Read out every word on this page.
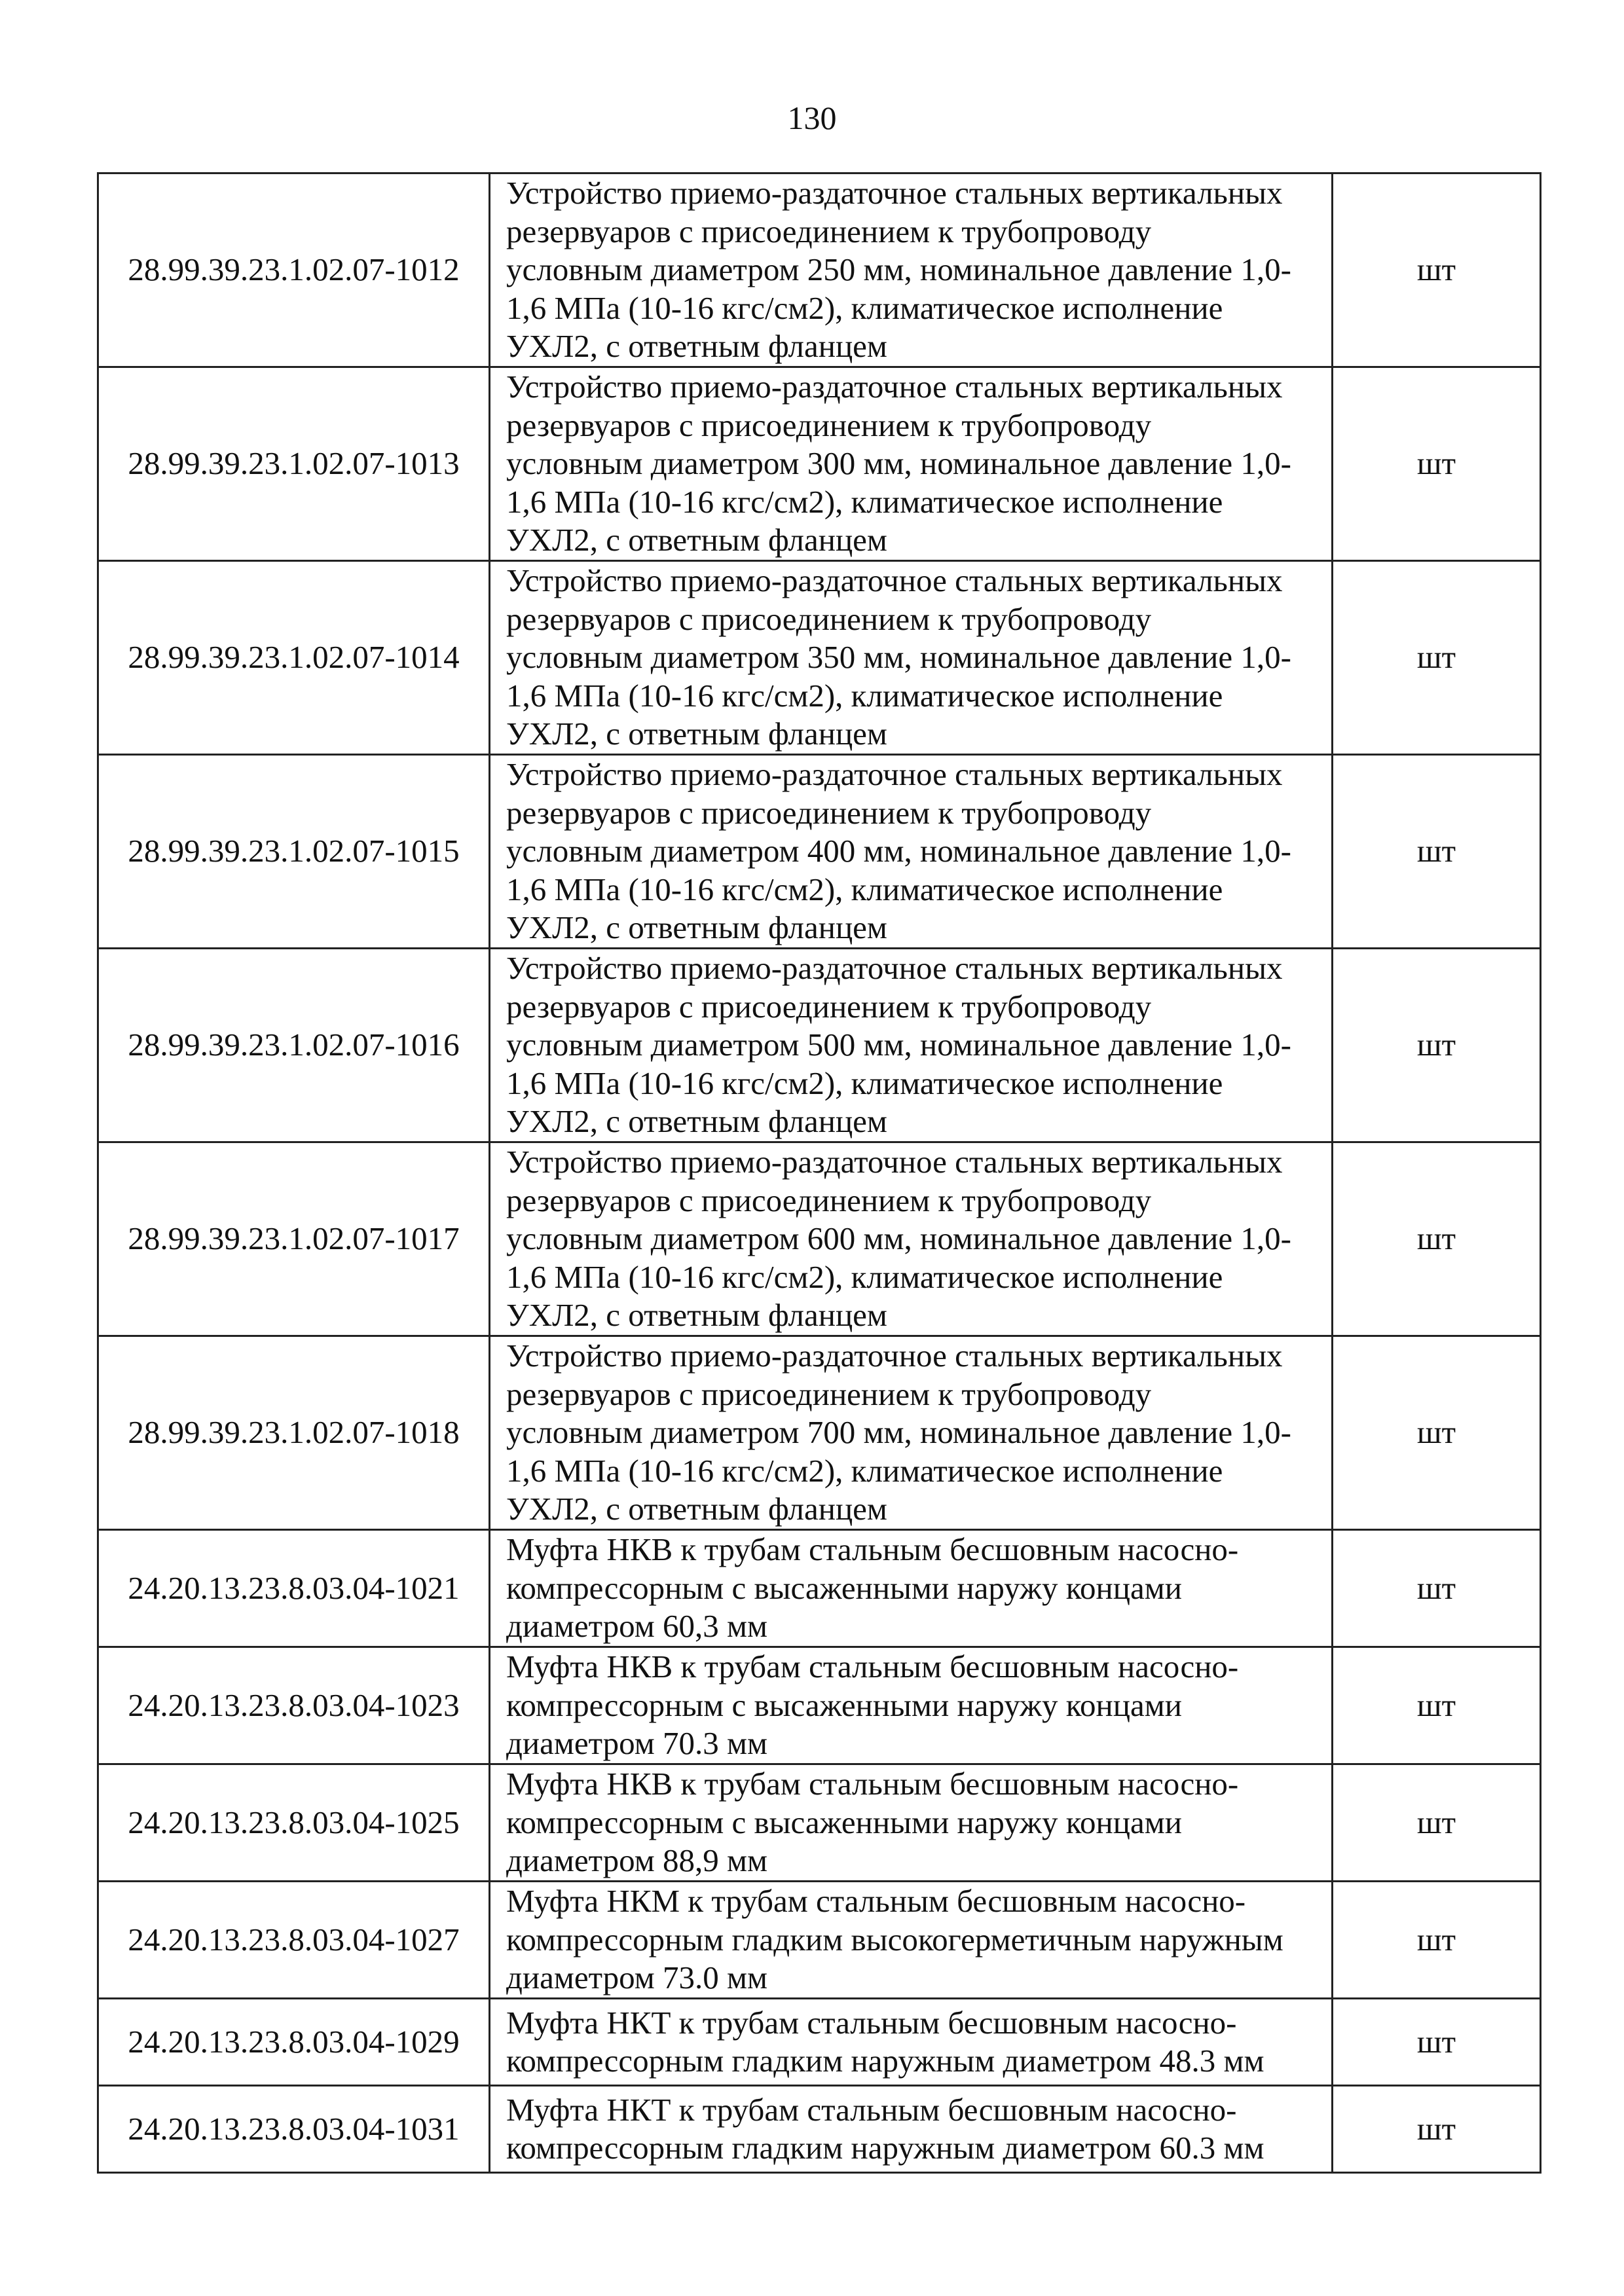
130
28.99.39.23.1.02.07-1012	Устройство приемо-раздаточное стальных вертикальных
резервуаров с присоединением к трубопроводу
условным диаметром 250 мм, номинальное давление 1,0-
1,6 МПа (10-16 кгс/см2), климатическое исполнение
УХЛ2, с ответным фланцем	шт
28.99.39.23.1.02.07-1013	Устройство приемо-раздаточное стальных вертикальных
резервуаров с присоединением к трубопроводу
условным диаметром 300 мм, номинальное давление 1,0-
1,6 МПа (10-16 кгс/см2), климатическое исполнение
УХЛ2, с ответным фланцем	шт
28.99.39.23.1.02.07-1014	Устройство приемо-раздаточное стальных вертикальных
резервуаров с присоединением к трубопроводу
условным диаметром 350 мм, номинальное давление 1,0-
1,6 МПа (10-16 кгс/см2), климатическое исполнение
УХЛ2, с ответным фланцем	шт
28.99.39.23.1.02.07-1015	Устройство приемо-раздаточное стальных вертикальных
резервуаров с присоединением к трубопроводу
условным диаметром 400 мм, номинальное давление 1,0-
1,6 МПа (10-16 кгс/см2), климатическое исполнение
УХЛ2, с ответным фланцем	шт
28.99.39.23.1.02.07-1016	Устройство приемо-раздаточное стальных вертикальных
резервуаров с присоединением к трубопроводу
условным диаметром 500 мм, номинальное давление 1,0-
1,6 МПа (10-16 кгс/см2), климатическое исполнение
УХЛ2, с ответным фланцем	шт
28.99.39.23.1.02.07-1017	Устройство приемо-раздаточное стальных вертикальных
резервуаров с присоединением к трубопроводу
условным диаметром 600 мм, номинальное давление 1,0-
1,6 МПа (10-16 кгс/см2), климатическое исполнение
УХЛ2, с ответным фланцем	шт
28.99.39.23.1.02.07-1018	Устройство приемо-раздаточное стальных вертикальных
резервуаров с присоединением к трубопроводу
условным диаметром 700 мм, номинальное давление 1,0-
1,6 МПа (10-16 кгс/см2), климатическое исполнение
УХЛ2, с ответным фланцем	шт
24.20.13.23.8.03.04-1021	Муфта НКВ к трубам стальным бесшовным насосно-
компрессорным с высаженными наружу концами
диаметром 60,3 мм	шт
24.20.13.23.8.03.04-1023	Муфта НКВ к трубам стальным бесшовным насосно-
компрессорным с высаженными наружу концами
диаметром 70.3 мм	шт
24.20.13.23.8.03.04-1025	Муфта НКВ к трубам стальным бесшовным насосно-
компрессорным с высаженными наружу концами
диаметром 88,9 мм	шт
24.20.13.23.8.03.04-1027	Муфта НКМ к трубам стальным бесшовным насосно-
компрессорным гладким высокогерметичным наружным
диаметром 73.0 мм	шт
24.20.13.23.8.03.04-1029	Муфта НКТ к трубам стальным бесшовным насосно-
компрессорным гладким наружным диаметром 48.3 мм	шт
24.20.13.23.8.03.04-1031	Муфта НКТ к трубам стальным бесшовным насосно-
компрессорным гладким наружным диаметром 60.3 мм	шт
